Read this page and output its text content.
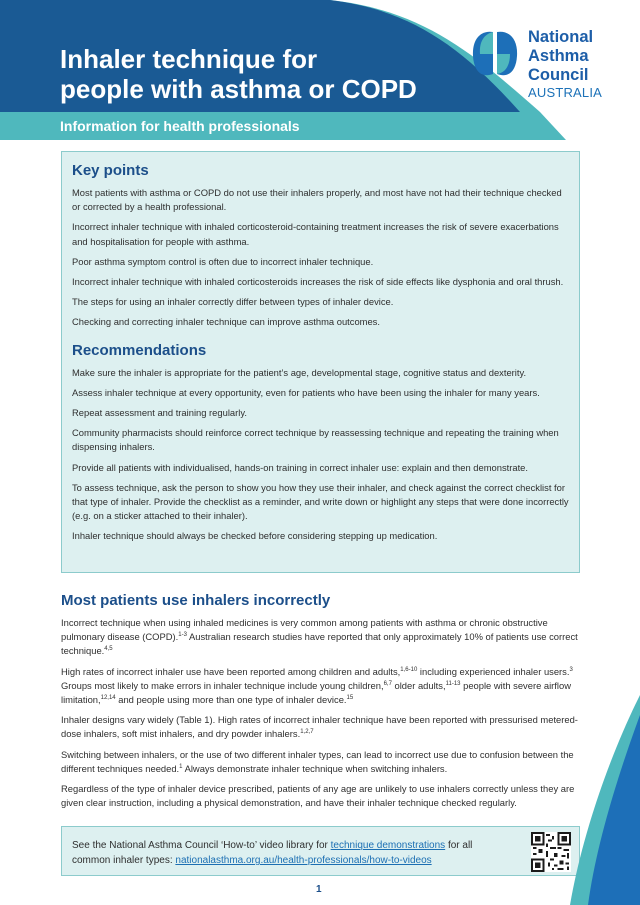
Inhaler technique for
people with asthma or COPD
Information for health professionals
National
Asthma
Council
AUSTRALIA
Key points

Most patients with asthma or COPD do not use their inhalers properly, and most have not had their technique checked or corrected by a health professional.

Incorrect inhaler technique with inhaled corticosteroid-containing treatment increases the risk of severe exacerbations and hospitalisation for people with asthma.

Poor asthma symptom control is often due to incorrect inhaler technique.

Incorrect inhaler technique with inhaled corticosteroids increases the risk of side effects like dysphonia and oral thrush.

The steps for using an inhaler correctly differ between types of inhaler device.

Checking and correcting inhaler technique can improve asthma outcomes.

Recommendations

Make sure the inhaler is appropriate for the patient’s age, developmental stage, cognitive status and dexterity.

Assess inhaler technique at every opportunity, even for patients who have been using the inhaler for many years.

Repeat assessment and training regularly.

Community pharmacists should reinforce correct technique by reassessing technique and repeating the training when dispensing inhalers.

Provide all patients with individualised, hands-on training in correct inhaler use: explain and then demonstrate.

To assess technique, ask the person to show you how they use their inhaler, and check against the correct checklist for that type of inhaler. Provide the checklist as a reminder, and write down or highlight any steps that were done incorrectly (e.g. on a sticker attached to their inhaler).

Inhaler technique should always be checked before considering stepping up medication.

Most patients use inhalers incorrectly

Incorrect technique when using inhaled medicines is very common among patients with asthma or chronic obstructive pulmonary disease (COPD).$^{1-3}$ Australian research studies have reported that only approximately 10% of patients use correct technique.$^{4,5}$

High rates of incorrect inhaler use have been reported among children and adults,$^{1,6-10}$ including experienced inhaler users.$^3$ Groups most likely to make errors in inhaler technique include young children,$^{6,7}$ older adults,$^{11-13}$ people with severe airflow limitation,$^{12,14}$ and people using more than one type of inhaler device.$^{15}$

Inhaler designs vary widely (Table 1). High rates of incorrect inhaler technique have been reported with pressurised metered-dose inhalers, soft mist inhalers, and dry powder inhalers.$^{1,2,7}$

Switching between inhalers, or the use of two different inhaler types, can lead to incorrect use due to confusion between the different techniques needed.$^1$ Always demonstrate inhaler technique when switching inhalers.

Regardless of the type of inhaler device prescribed, patients of any age are unlikely to use inhalers correctly unless they are given clear instruction, including a physical demonstration, and have their inhaler technique checked regularly.

See the National Asthma Council ‘How-to’ video library for technique demonstrations for all common inhaler types: nationalasthma.org.au/health-professionals/how-to-videos

1
